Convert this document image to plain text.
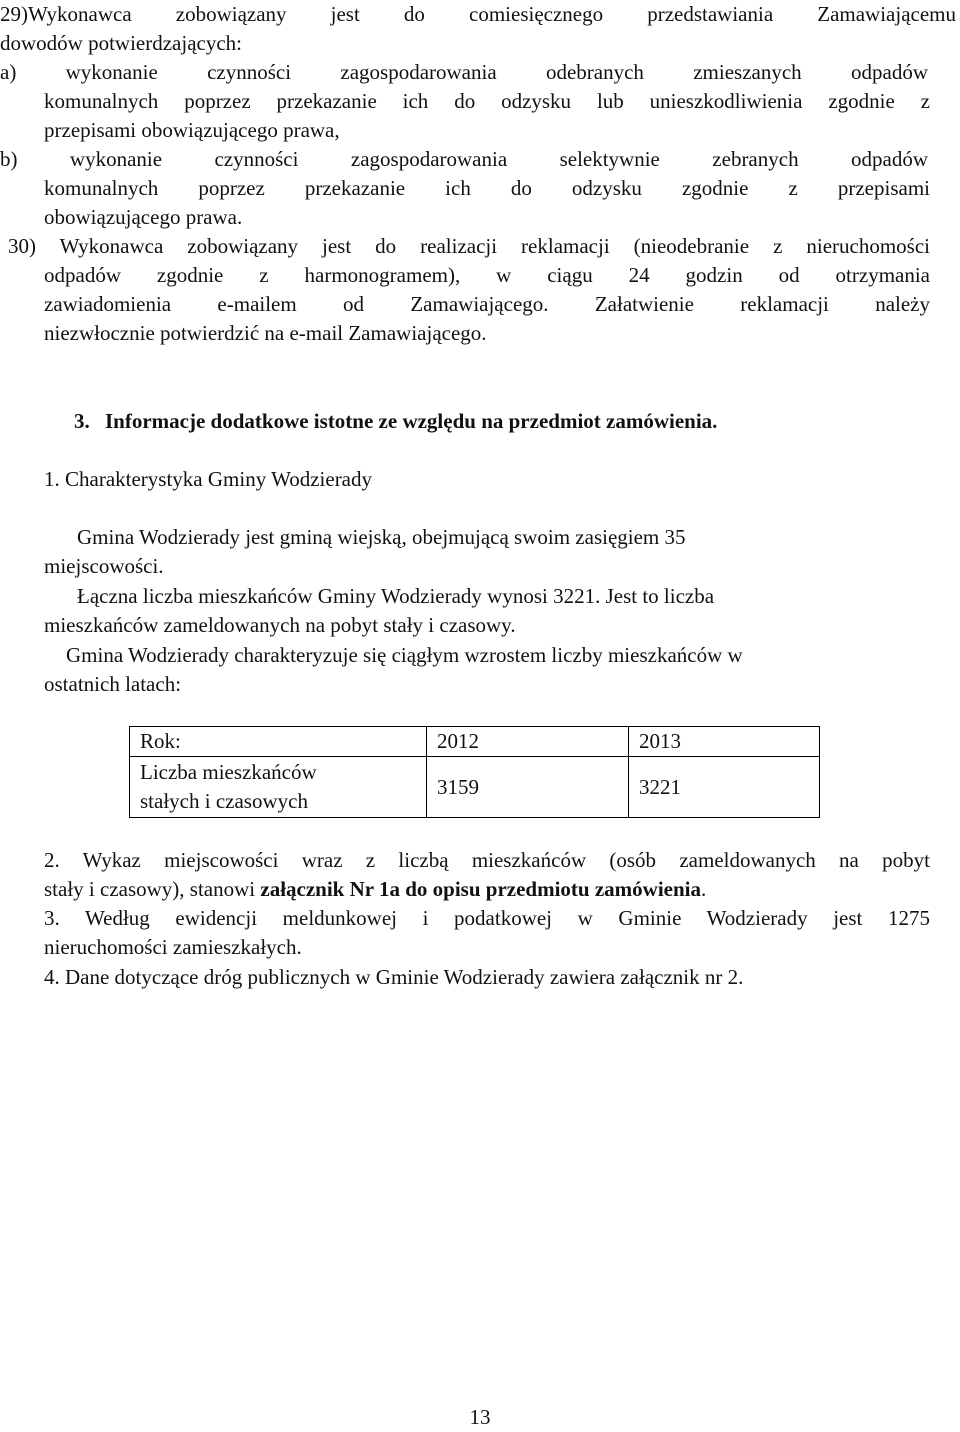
29)Wykonawca zobowiązany jest do comiesięcznego przedstawiania Zamawiającemu
dowodów potwierdzających:
a) wykonanie czynności zagospodarowania odebranych zmieszanych odpadów
komunalnych poprzez przekazanie ich do odzysku lub unieszkodliwienia zgodnie z
przepisami obowiązującego prawa,
b) wykonanie czynności zagospodarowania selektywnie zebranych odpadów
komunalnych poprzez przekazanie ich do odzysku zgodnie z przepisami
obowiązującego prawa.
30) Wykonawca zobowiązany jest do realizacji reklamacji (nieodebranie z nieruchomości
odpadów zgodnie z harmonogramem), w ciągu 24 godzin od otrzymania
zawiadomienia e-mailem od Zamawiającego. Załatwienie reklamacji należy
niezwłocznie potwierdzić na e-mail Zamawiającego.
3. Informacje dodatkowe istotne ze względu na przedmiot zamówienia.
1. Charakterystyka Gminy Wodzierady
Gmina Wodzierady jest gminą wiejską, obejmującą swoim zasięgiem 35
miejscowości.
Łączna liczba mieszkańców Gminy Wodzierady wynosi 3221. Jest to liczba
mieszkańców zameldowanych na pobyt stały i czasowy.
Gmina Wodzierady charakteryzuje się ciągłym wzrostem liczby mieszkańców w
ostatnich latach:
Rok:	2012	2013

Liczba mieszkańców
stałych i czasowych	3159	3221
2. Wykaz miejscowości wraz z liczbą mieszkańców (osób zameldowanych na pobyt
stały i czasowy), stanowi załącznik Nr 1a do opisu przedmiotu zamówienia.
3. Według ewidencji meldunkowej i podatkowej w Gminie Wodzierady jest 1275
nieruchomości zamieszkałych.
4. Dane dotyczące dróg publicznych w Gminie Wodzierady zawiera załącznik nr 2.
13
